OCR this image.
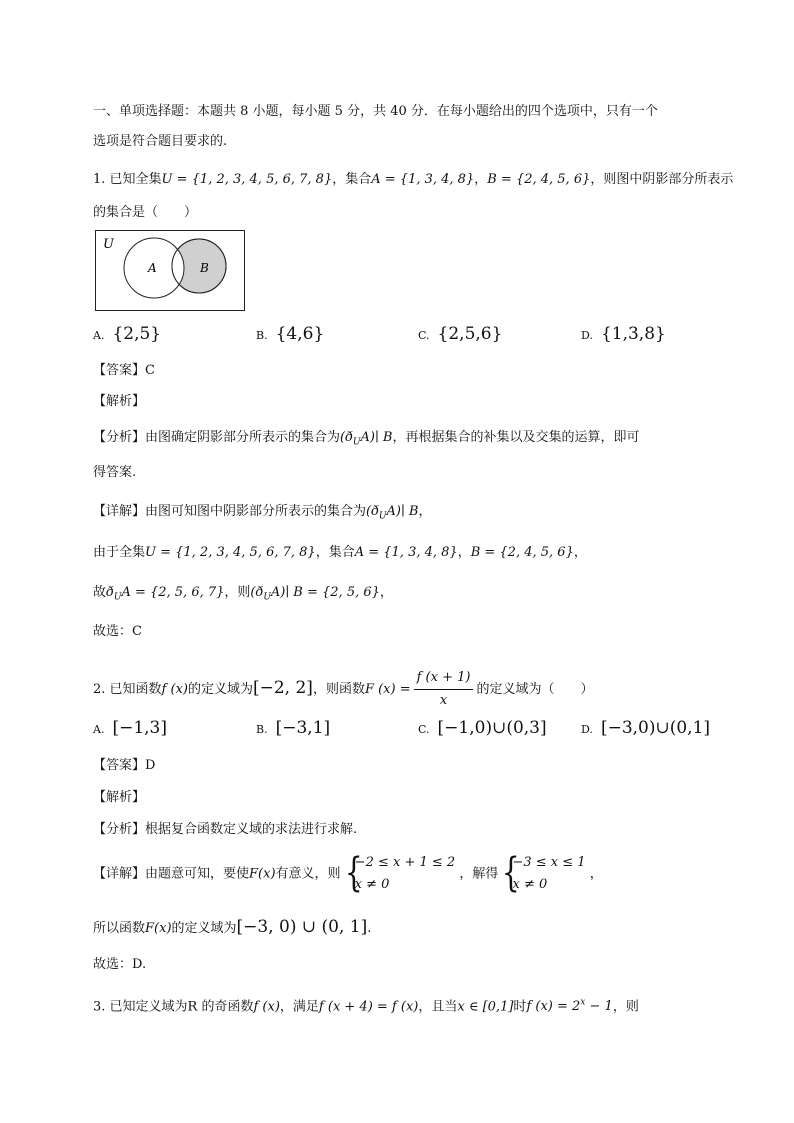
一、单项选择题：本题共 8 小题，每小题 5 分，共 40 分．在每小题给出的四个选项中，只有一个
选项是符合题目要求的.
1. 已知全集U = {1, 2, 3, 4, 5, 6, 7, 8}，集合A = {1, 3, 4, 8}，B = {2, 4, 5, 6}，则图中阴影部分所表示
的集合是（　　）
U
A	B
A. {2,5}	B. {4,6}	C. {2,5,6}	D. {1,3,8}
【答案】C
【解析】
【分析】由图确定阴影部分所表示的集合为$(ð_UA)∣$ B，再根据集合的补集以及交集的运算，即可
得答案.
【详解】由图可知图中阴影部分所表示的集合为$(ð_UA)∣$ B，
由于全集U = {1, 2, 3, 4, 5, 6, 7, 8}，集合A = {1, 3, 4, 8}，B = {2, 4, 5, 6}，
故$ð_UA = \{2$, 5, 6, 7}，则$(ð_UA)∣$ B = {2, 5, 6}，
故选：C
2. 已知函数f (x)的定义域为[−2, 2]，则函数F $(x) = \frac{f (x + 1)}{x}$ 的定义域为（　　）
A. [−1,3]	B. [−3,1]	C. [−1,0)∪(0,3]	D. [−3,0)∪(0,1]
【答案】D
【解析】
【分析】根据复合函数定义域的求法进行求解.
【详解】由题意可知，要使F(x)有意义，则
{ −2 ≤ x + 1 ≤ 2
x ≠ 0
，解得
{ −3 ≤ x ≤ 1
x ≠ 0
，
所以函数F(x)的定义域为[−3, 0) ∪ (0, 1].
故选：D.
3. 已知定义域为R 的奇函数f (x)，满足f (x + 4) = f (x)，且当x ∈ [0,1]时f $(x) = 2^x - 1$，则
